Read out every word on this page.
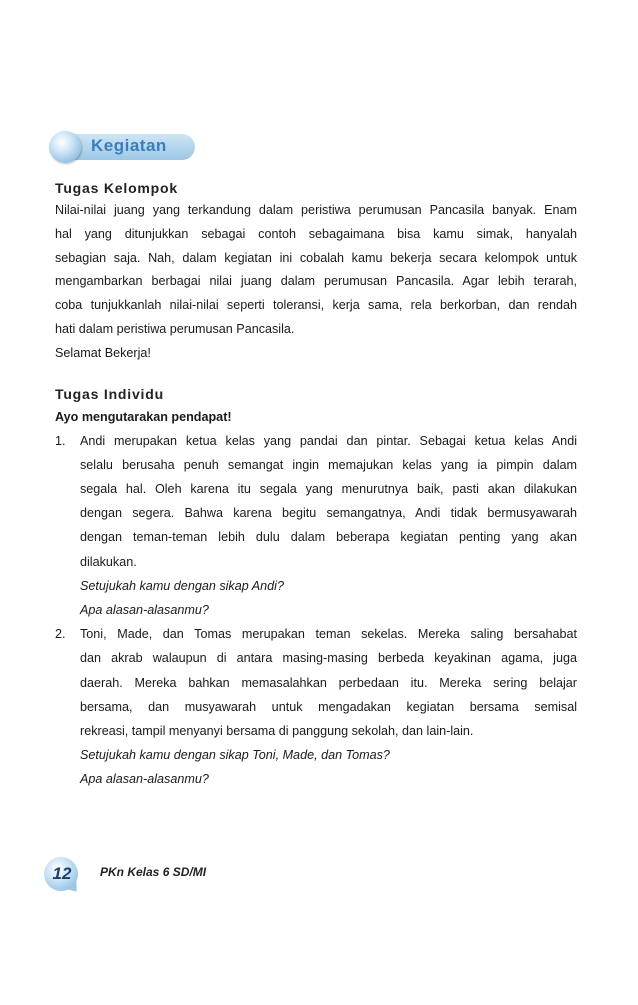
Kegiatan
Tugas Kelompok
Nilai-nilai juang yang terkandung dalam peristiwa perumusan Pancasila banyak. Enam
hal yang ditunjukkan sebagai contoh sebagaimana bisa kamu simak, hanyalah
sebagian saja. Nah, dalam kegiatan ini cobalah kamu bekerja secara kelompok untuk
mengambarkan berbagai nilai juang dalam perumusan Pancasila. Agar lebih terarah,
coba tunjukkanlah nilai-nilai seperti toleransi, kerja sama, rela berkorban, dan rendah
hati dalam peristiwa perumusan Pancasila.
Selamat Bekerja!
Tugas Individu
Ayo mengutarakan pendapat!
1. Andi merupakan ketua kelas yang pandai dan pintar. Sebagai ketua kelas Andi
selalu berusaha penuh semangat ingin memajukan kelas yang ia pimpin dalam
segala hal. Oleh karena itu segala yang menurutnya baik, pasti akan dilakukan
dengan segera. Bahwa karena begitu semangatnya, Andi tidak bermusyawarah
dengan teman-teman lebih dulu dalam beberapa kegiatan penting yang akan
dilakukan.
Setujukah kamu dengan sikap Andi?
Apa alasan-alasanmu?
2. Toni, Made, dan Tomas merupakan teman sekelas. Mereka saling bersahabat
dan akrab walaupun di antara masing-masing berbeda keyakinan agama, juga
daerah. Mereka bahkan memasalahkan perbedaan itu. Mereka sering belajar
bersama, dan musyawarah untuk mengadakan kegiatan bersama semisal
rekreasi, tampil menyanyi bersama di panggung sekolah, dan lain-lain.
Setujukah kamu dengan sikap Toni, Made, dan Tomas?
Apa alasan-alasanmu?
12 PKn Kelas 6 SD/MI
